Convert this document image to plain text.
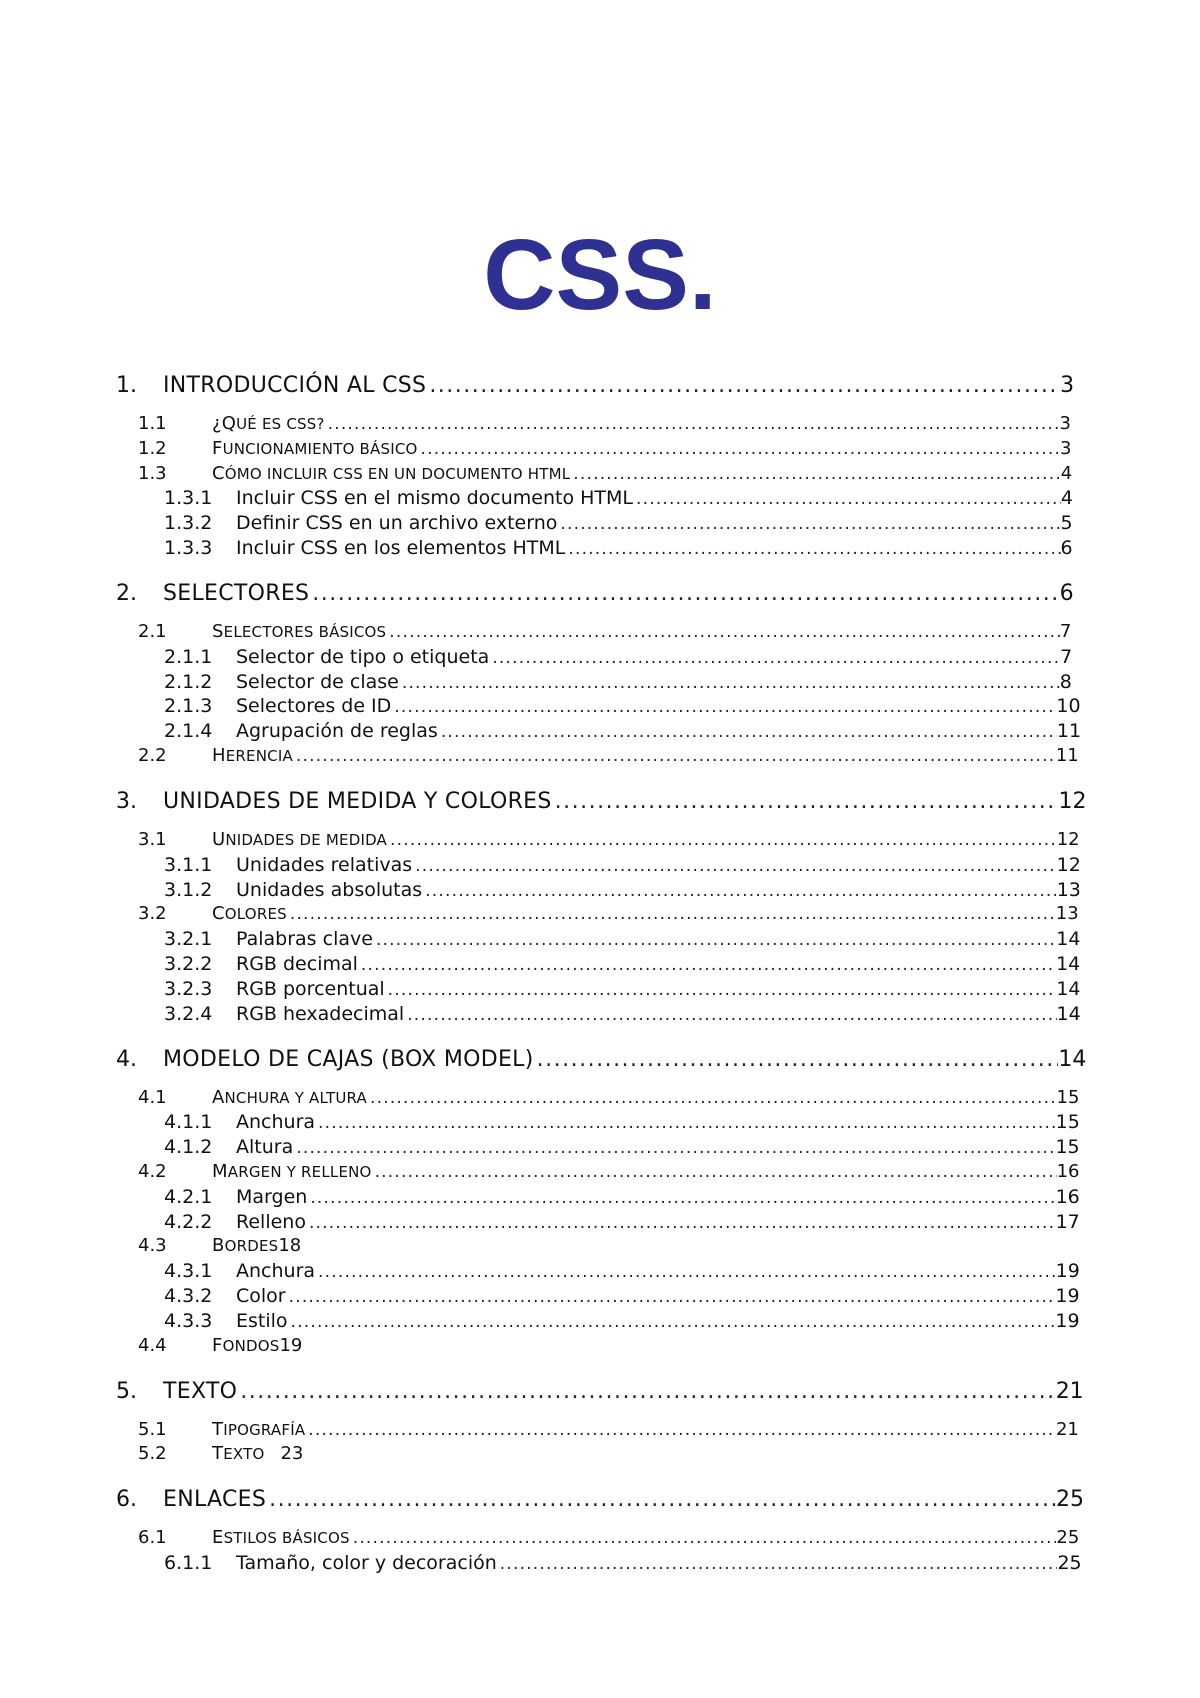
CSS.
1. INTRODUCCIÓN AL CSS .....	3
1.1	¿QUÉ ES CSS? .....	3
1.2	FUNCIONAMIENTO BÁSICO .....	3
1.3	CÓMO INCLUIR CSS EN UN DOCUMENTO HTML .....	4
1.3.1 Incluir CSS en el mismo documento HTML .....	4
1.3.2 Definir CSS en un archivo externo .....	5
1.3.3 Incluir CSS en los elementos HTML .....	6
2. SELECTORES .....	6
2.1	SELECTORES BÁSICOS .....	7
2.1.1 Selector de tipo o etiqueta .....	7
2.1.2 Selector de clase .....	8
2.1.3 Selectores de ID .....	10
2.1.4 Agrupación de reglas .....	11
2.2	HERENCIA .....	11
3. UNIDADES DE MEDIDA Y COLORES .....	12
3.1	UNIDADES DE MEDIDA .....	12
3.1.1 Unidades relativas .....	12
3.1.2 Unidades absolutas .....	13
3.2	COLORES .....	13
3.2.1 Palabras clave .....	14
3.2.2 RGB decimal .....	14
3.2.3 RGB porcentual .....	14
3.2.4 RGB hexadecimal .....	14
4. MODELO DE CAJAS (BOX MODEL) .....	14
4.1	ANCHURA Y ALTURA .....	15
4.1.1 Anchura .....	15
4.1.2 Altura .....	15
4.2	MARGEN Y RELLENO .....	16
4.2.1 Margen .....	16
4.2.2 Relleno .....	17
4.3	BORDES 18
4.3.1 Anchura .....	19
4.3.2 Color .....	19
4.3.3 Estilo .....	19
4.4	FONDOS 19
5. TEXTO .....	21
5.1	TIPOGRAFÍA .....	21
5.2	TEXTO 23
6. ENLACES .....	25
6.1	ESTILOS BÁSICOS .....	25
6.1.1 Tamaño, color y decoración .....	25
